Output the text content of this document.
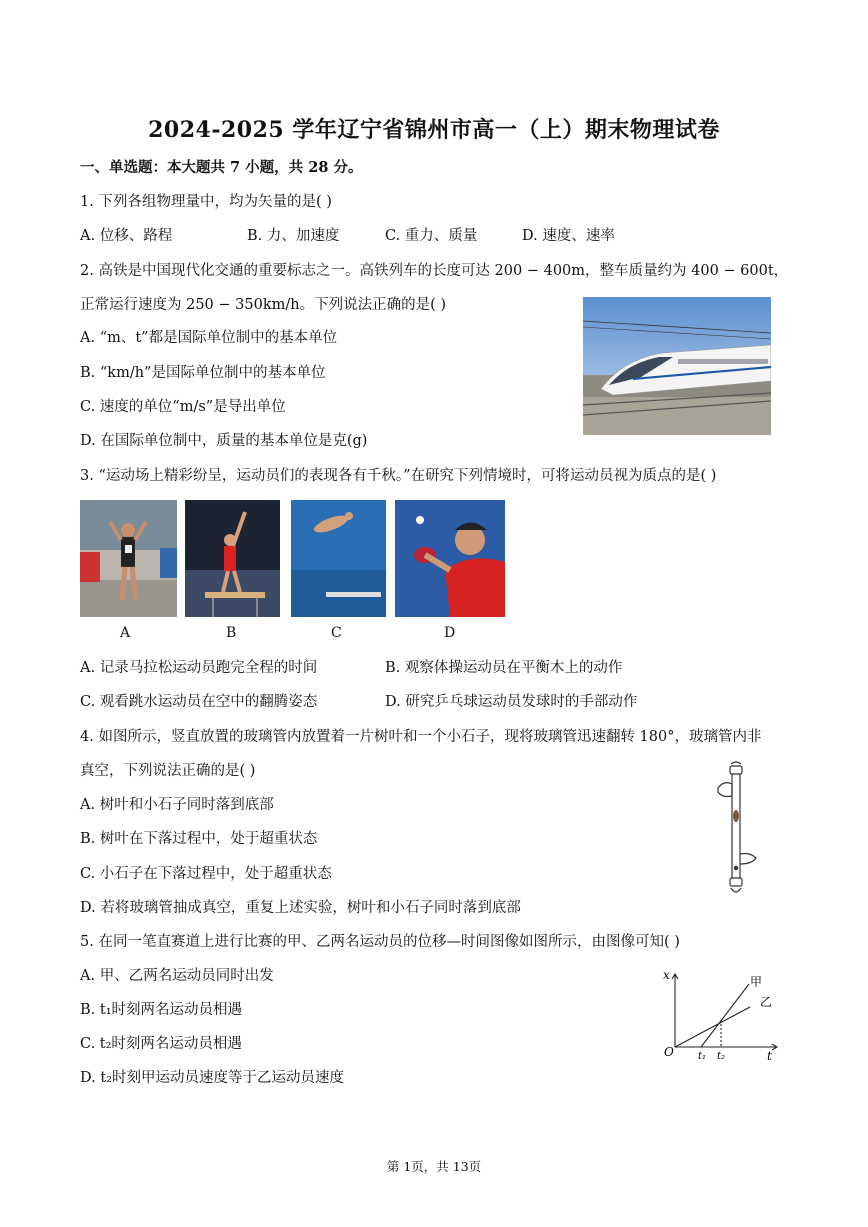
2024-2025 学年辽宁省锦州市高一（上）期末物理试卷
一、单选题：本大题共 7 小题，共 28 分。
1. 下列各组物理量中，均为矢量的是( )
A. 位移、路程	B. 力、加速度	C. 重力、质量	D. 速度、速率
2. 高铁是中国现代化交通的重要标志之一。高铁列车的长度可达 200 − 400m，整车质量约为 400 − 600t，
正常运行速度为 250 − 350km/h。下列说法正确的是( )
A. “m、t”都是国际单位制中的基本单位
B. “km/h”是国际单位制中的基本单位
C. 速度的单位“m/s”是导出单位
D. 在国际单位制中，质量的基本单位是克(g)
3. “运动场上精彩纷呈，运动员们的表现各有千秋。”在研究下列情境时，可将运动员视为质点的是( )
A	B	C	D
A. 记录马拉松运动员跑完全程的时间	B. 观察体操运动员在平衡木上的动作
C. 观看跳水运动员在空中的翻腾姿态	D. 研究乒乓球运动员发球时的手部动作
4. 如图所示，竖直放置的玻璃管内放置着一片树叶和一个小石子，现将玻璃管迅速翻转 180°，玻璃管内非
真空，下列说法正确的是( )
A. 树叶和小石子同时落到底部
B. 树叶在下落过程中，处于超重状态
C. 小石子在下落过程中，处于超重状态
D. 若将玻璃管抽成真空，重复上述实验，树叶和小石子同时落到底部
5. 在同一笔直赛道上进行比赛的甲、乙两名运动员的位移—时间图像如图所示，由图像可知( )
A. 甲、乙两名运动员同时出发
B. t₁时刻两名运动员相遇
C. t₂时刻两名运动员相遇
D. t₂时刻甲运动员速度等于乙运动员速度
x
t
O
甲
乙
t₁ t₂
第 1页，共 13页
